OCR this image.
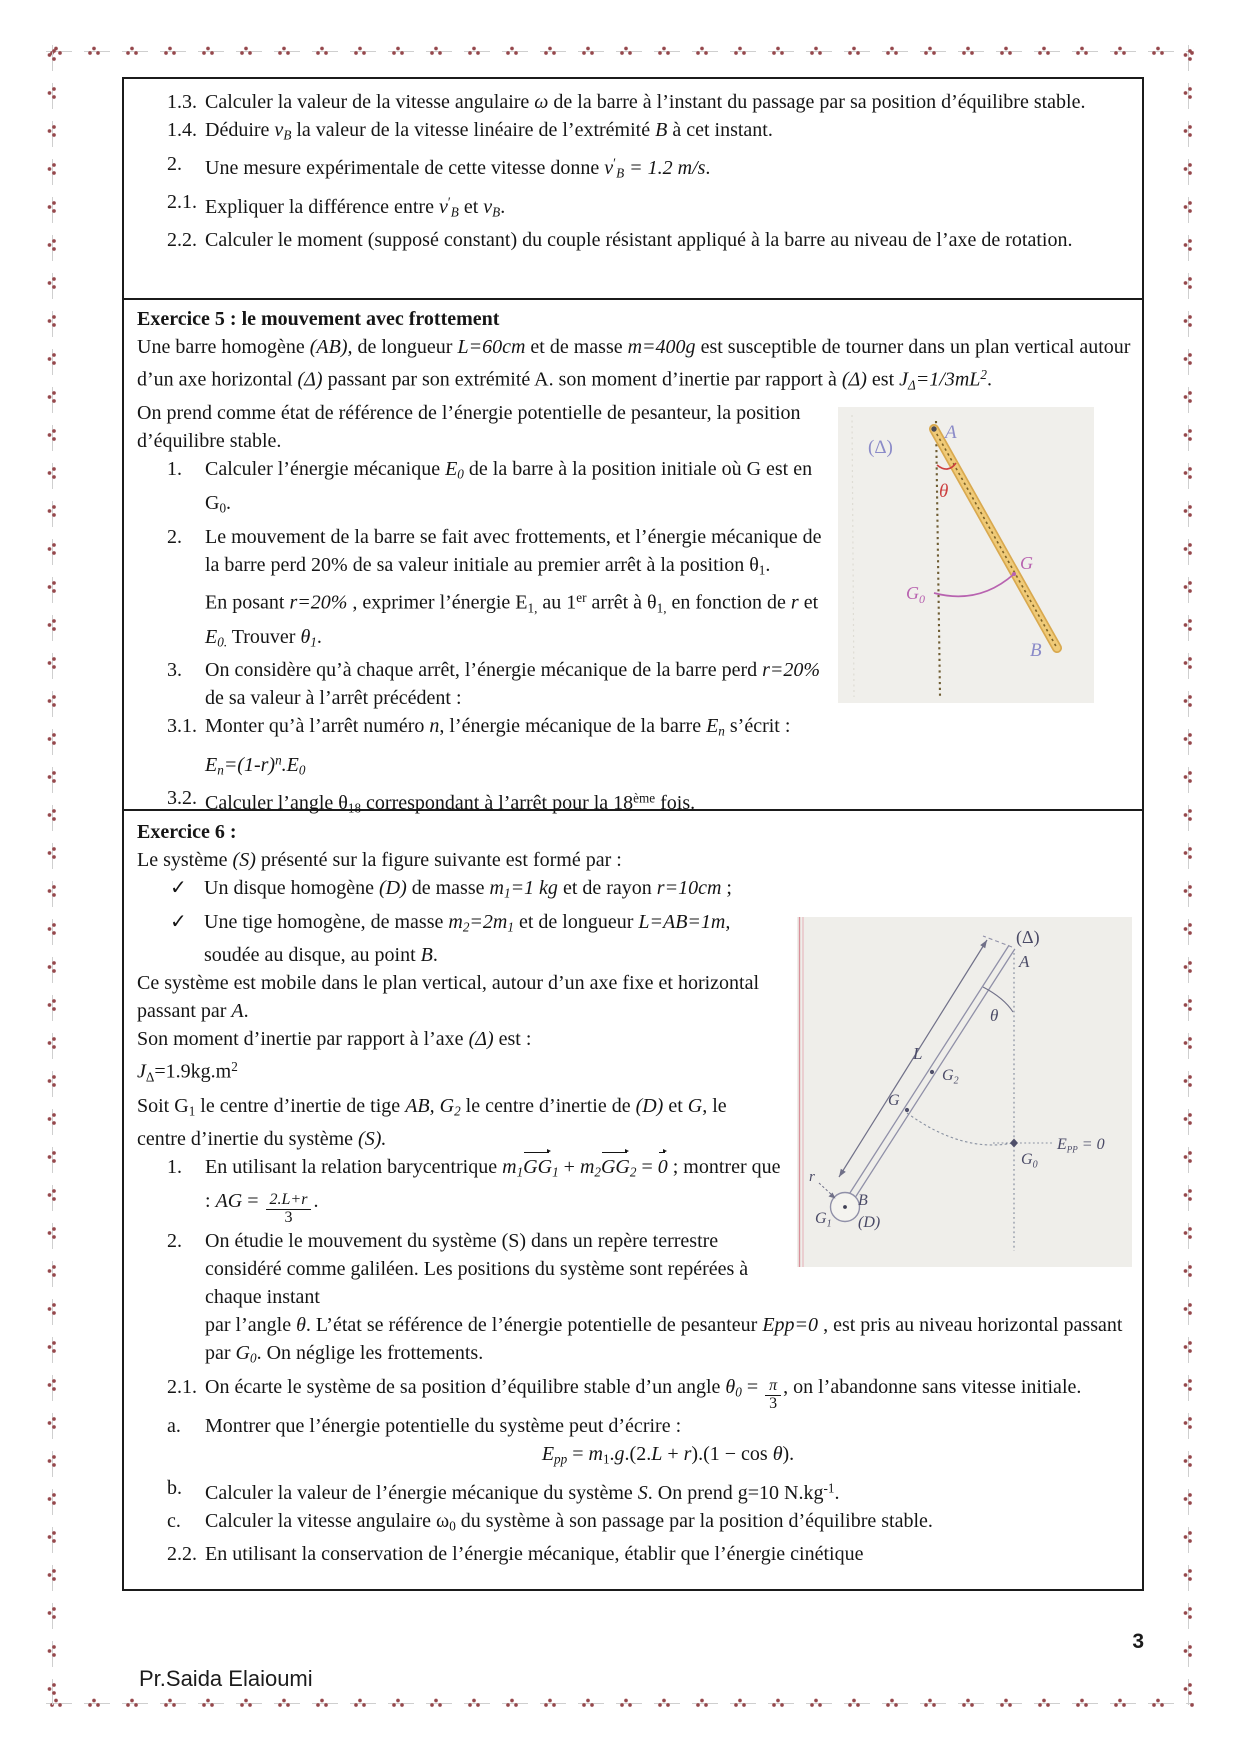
1.3. Calculer la valeur de la vitesse angulaire ω de la barre à l’instant du passage par sa position d’équilibre stable.
1.4. Déduire vB la valeur de la vitesse linéaire de l’extrémité B à cet instant.
2. Une mesure expérimentale de cette vitesse donne v′B = 1.2 m/s.
2.1. Expliquer la différence entre v′B et vB.
2.2. Calculer le moment (supposé constant) du couple résistant appliqué à la barre au niveau de l’axe de rotation.
Exercice 5 : le mouvement avec frottement
Une barre homogène (AB), de longueur L=60cm et de masse m=400g est susceptible de tourner dans un plan vertical autour d’un axe horizontal (Δ) passant par son extrémité A. son moment d’inertie par rapport à (Δ) est $J\Delta=1/3mL^2$.
On prend comme état de référence de l’énergie potentielle de pesanteur, la position d’équilibre stable.
1. Calculer l’énergie mécanique E0 de la barre à la position initiale où G est en G0.
2. Le mouvement de la barre se fait avec frottements, et l’énergie mécanique de la barre perd 20% de sa valeur initiale au premier arrêt à la position θ1.
En posant r=20% , exprimer l’énergie E1, au 1er arrêt à θ1, en fonction de r et E0. Trouver θ1.
3. On considère qu’à chaque arrêt, l’énergie mécanique de la barre perd r=20% de sa valeur à l’arrêt précédent :
3.1. Monter qu’à l’arrêt numéro n, l’énergie mécanique de la barre En s’écrit : $En=(1-r)^n.E0$
3.2. Calculer l’angle θ18 correspondant à l’arrêt pour la 18ème fois.
(Δ)
A
θ
G
$G_0$
B
Exercice 6 :
Le système (S) présenté sur la figure suivante est formé par :
✓ Un disque homogène (D) de masse m1=1 kg et de rayon r=10cm ;
✓ Une tige homogène, de masse m2=2m1 et de longueur L=AB=1m, soudée au disque, au point B.
Ce système est mobile dans le plan vertical, autour d’un axe fixe et horizontal passant par A.
Son moment d’inertie par rapport à l’axe (Δ) est :
$J\Delta=1.9kg.m^2$
Soit G1 le centre d’inertie de tige AB, G2 le centre d’inertie de (D) et G, le centre d’inertie du système (S).
1. En utilisant la relation barycentrique m1GG1 + m2GG2 = 0 ; montrer que : AG = $\frac{2.L+r}{3}$ .
2. On étudie le mouvement du système (S) dans un repère terrestre considéré comme galiléen. Les positions du système sont repérées à chaque instant
par l’angle θ. L’état se référence de l’énergie potentielle de pesanteur Epp=0 , est pris au niveau horizontal passant par G0. On néglige les frottements.
2.1. On écarte le système de sa position d’équilibre stable d’un angle $\theta 0 = \frac{\pi}{3}$ , on l’abandonne sans vitesse initiale.
a. Montrer que l’énergie potentielle du système peut d’écrire :
Epp = m1.g.(2.L + r).(1 − cos θ).
b. Calculer la valeur de l’énergie mécanique du système S. On prend g=10 $N.kg^{-1}$.
c. Calculer la vitesse angulaire ω0 du système à son passage par la position d’équilibre stable.
2.2. En utilisant la conservation de l’énergie mécanique, établir que l’énergie cinétique
(Δ)
A
θ
L
$G_2$
G
$G_0$
$E_{PP} = 0$
r
B
$G_1$ (D)
3
Pr.Saida Elaioumi
